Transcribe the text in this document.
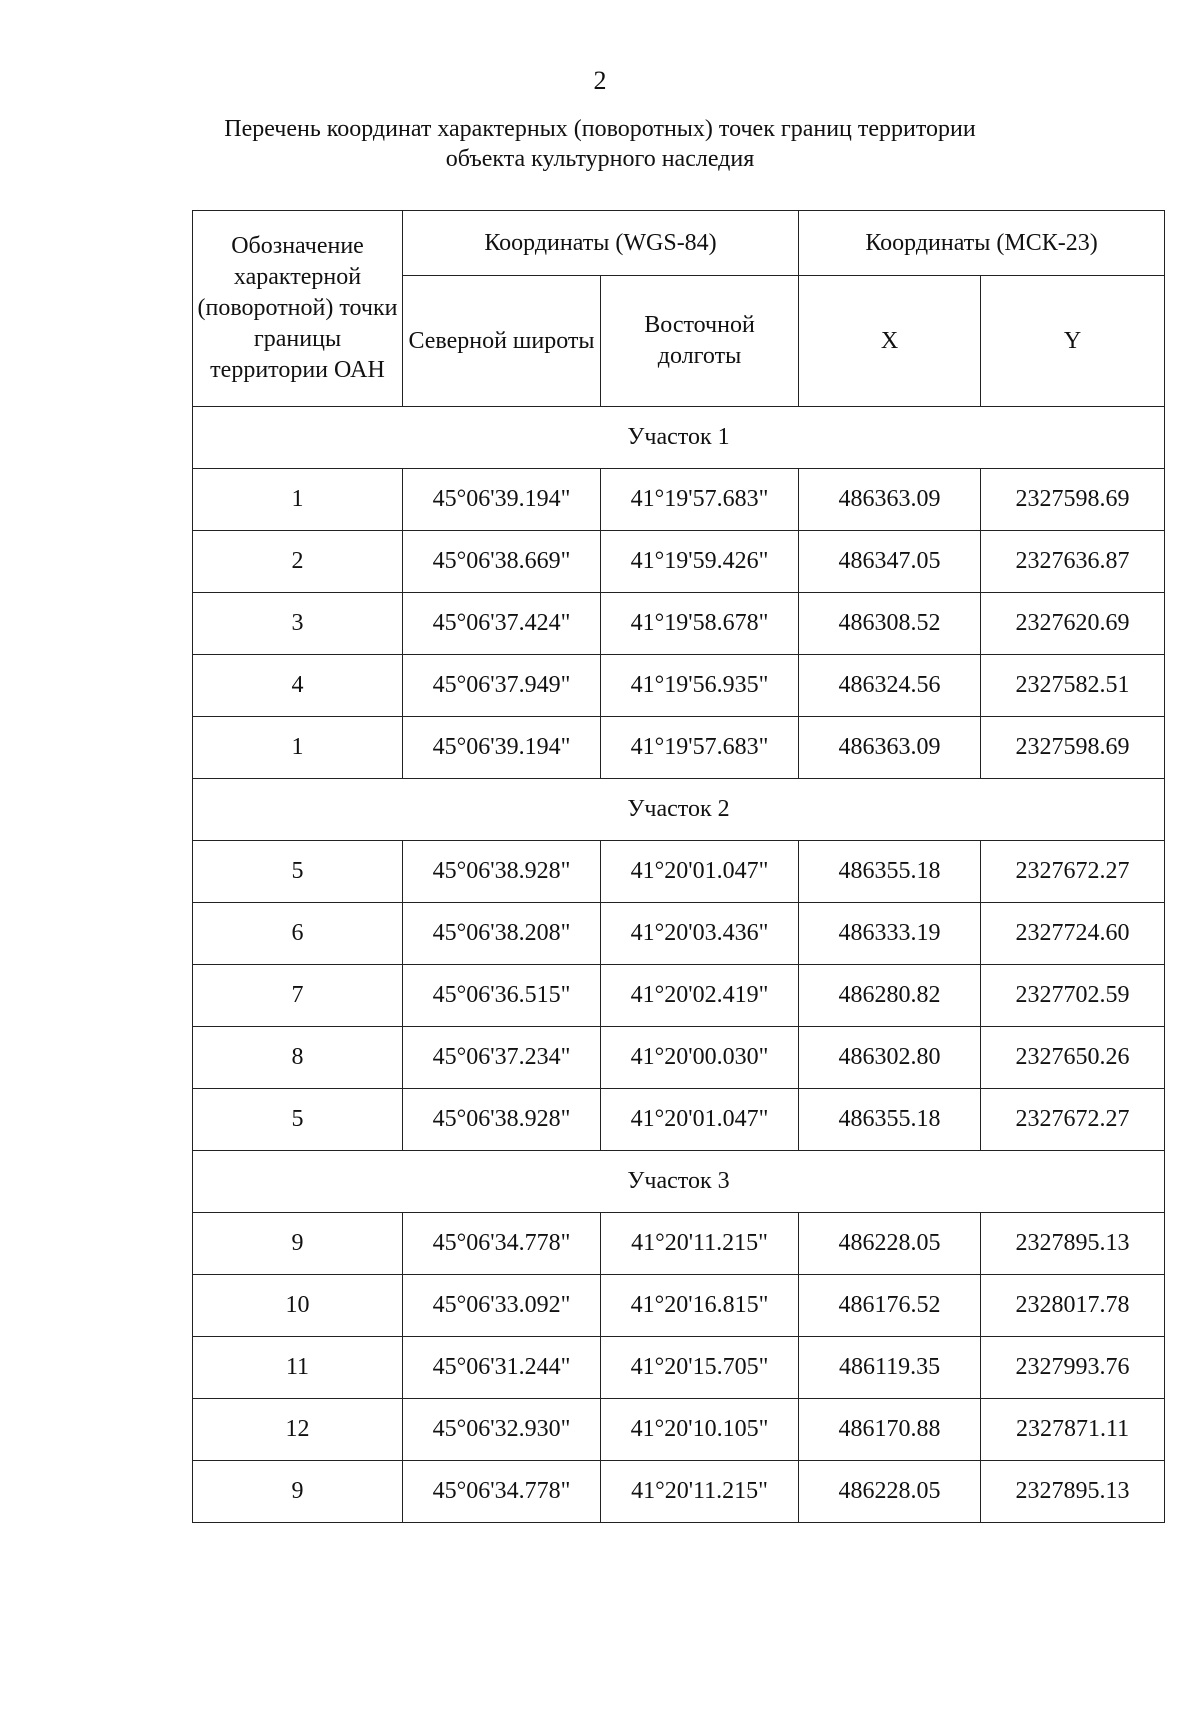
2
Перечень координат характерных (поворотных) точек границ территории
объекта культурного наследия
Обозначение характерной (поворотной) точки границы территории ОАН	Координаты (WGS-84)		Координаты (МСК-23)	
	Северной широты	Восточной долготы	X	Y
Участок 1				
1	45°06'39.194"	41°19'57.683"	486363.09	2327598.69
2	45°06'38.669"	41°19'59.426"	486347.05	2327636.87
3	45°06'37.424"	41°19'58.678"	486308.52	2327620.69
4	45°06'37.949"	41°19'56.935"	486324.56	2327582.51
1	45°06'39.194"	41°19'57.683"	486363.09	2327598.69
Участок 2				
5	45°06'38.928"	41°20'01.047"	486355.18	2327672.27
6	45°06'38.208"	41°20'03.436"	486333.19	2327724.60
7	45°06'36.515"	41°20'02.419"	486280.82	2327702.59
8	45°06'37.234"	41°20'00.030"	486302.80	2327650.26
5	45°06'38.928"	41°20'01.047"	486355.18	2327672.27
Участок 3				
9	45°06'34.778"	41°20'11.215"	486228.05	2327895.13
10	45°06'33.092"	41°20'16.815"	486176.52	2328017.78
11	45°06'31.244"	41°20'15.705"	486119.35	2327993.76
12	45°06'32.930"	41°20'10.105"	486170.88	2327871.11
9	45°06'34.778"	41°20'11.215"	486228.05	2327895.13
